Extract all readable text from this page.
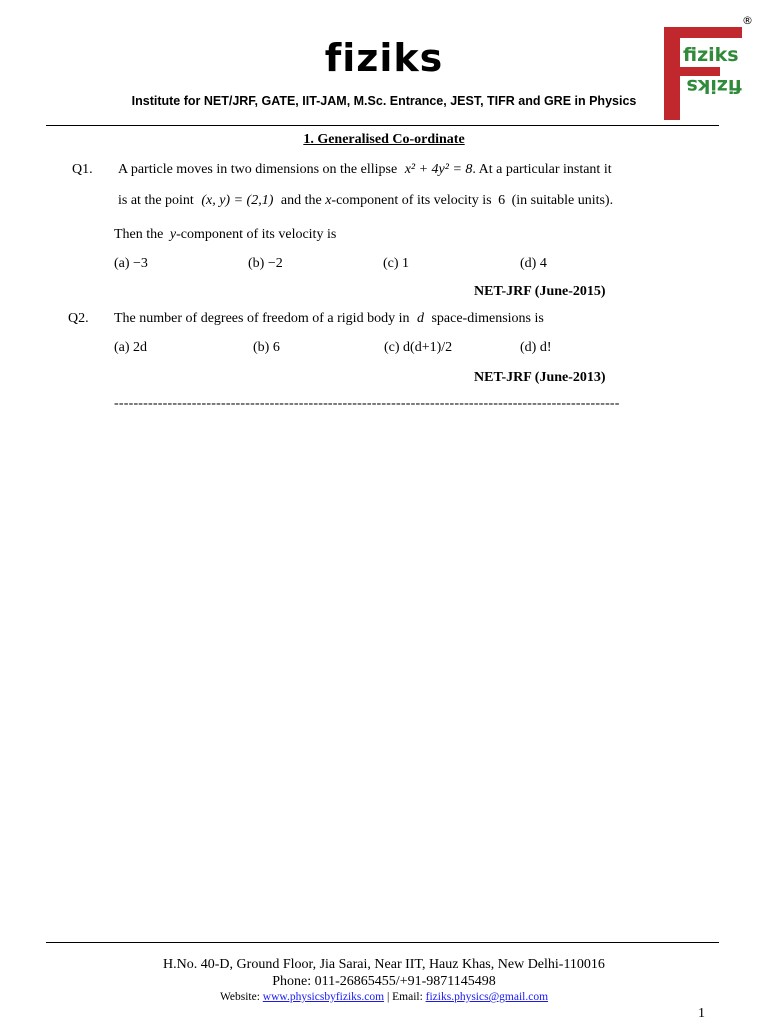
fiziks
Institute for NET/JRF, GATE, IIT-JAM, M.Sc. Entrance, JEST, TIFR and GRE in Physics
fiziks
fiziks
®
1. Generalised Co-ordinate
Q1. A particle moves in two dimensions on the ellipse x² + 4y² = 8. At a particular instant it
is at the point (x, y) = (2,1) and the x-component of its velocity is 6 (in suitable units).
Then the y-component of its velocity is
(a) −3	(b) −2	(c) 1	(d) 4
NET-JRF (June-2015)
Q2. The number of degrees of freedom of a rigid body in d space-dimensions is
(a) 2d	(b) 6	(c) d(d+1)/2	(d) d!
NET-JRF (June-2013)
--------------------------------------------------------------------------------------------------------
H.No. 40-D, Ground Floor, Jia Sarai, Near IIT, Hauz Khas, New Delhi-110016
Phone: 011-26865455/+91-9871145498
Website: www.physicsbyfiziks.com | Email: fiziks.physics@gmail.com
1
